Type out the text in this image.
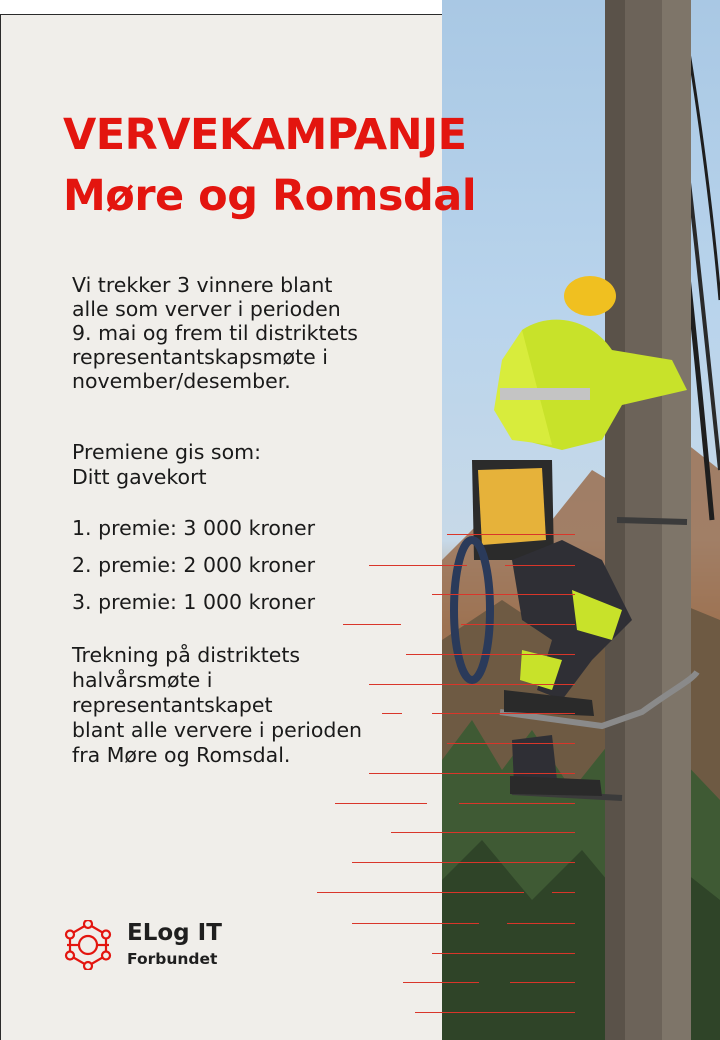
VERVEKAMPANJE
Møre og Romsdal

Vi trekker 3 vinnere blant

alle som verver i perioden

9. mai og frem til distriktets

representantskapsmøte i

november/desember.

Premiene gis som:

Ditt gavekort

1. premie: 3 000 kroner

2. premie: 2 000 kroner

3. premie: 1 000 kroner

Trekning på distriktets

halvårsmøte i

representantskapet

blant alle ververe i perioden

fra Møre og Romsdal.

ELog IT
Forbundet
